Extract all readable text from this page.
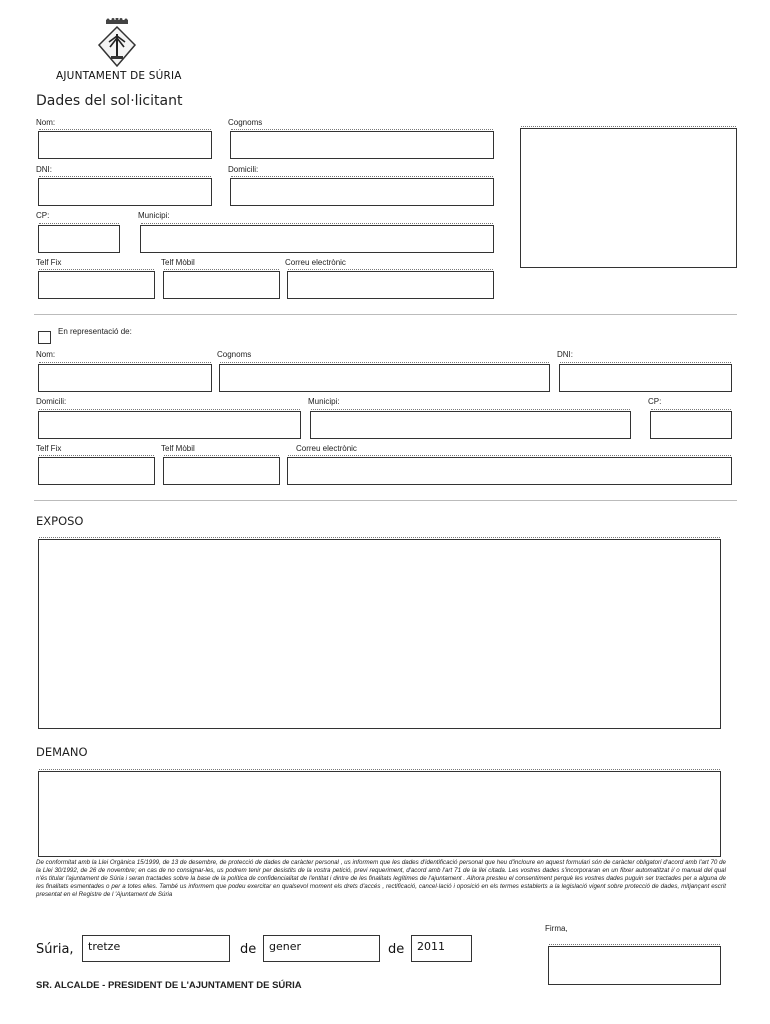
AJUNTAMENT DE SÚRIA
Dades del sol·licitant
Nom:	Cognoms
DNI:	Domicili:
CP:	Municipi:
Telf Fix	Telf Mòbil	Correu electrònic
En representació de:
Nom:	Cognoms	DNI:
Domicili:	Municipi:	CP:
Telf Fix	Telf Mòbil	Correu electrònic
EXPOSO
DEMANO
De conformitat amb la Llei Orgànica 15/1999, de 13 de desembre, de protecció de dades de caràcter personal , us informem que les dades d'identificació personal que heu d'incloure en aquest formulari són de caràcter obligatori d'acord amb l'art 70 de la Llei 30/1992, de 26 de novembre; en cas de no consignar-les, us podrem tenir per desistits de la vostra petició, previ requeriment, d'acord amb l'art 71 de la llei citada. Les vostres dades s'incorporaran en un fitxer automatitzat i/ o manual del qual n'és titular l'ajuntament de Súria i seran tractades sobre la base de la política de confidencialitat de l'entitat i dintre de les finalitats legítimes de l'ajuntament . Alhora presteu el consentiment perquè les vostres dades puguin ser tractades per a alguna de les finalitats esmentades o per a totes elles. També us informem que podeu exercitar en qualsevol moment els drets d'accés , rectificació, cancel·lació i oposició en els termes establerts a la legislació vigent sobre protecció de dades, mitjançant escrit presentat en el Registre de l 'Ajuntament de Súria
Firma,
Súria,	tretze	de	gener	de	2011
SR. ALCALDE - PRESIDENT DE L'AJUNTAMENT DE SÚRIA
